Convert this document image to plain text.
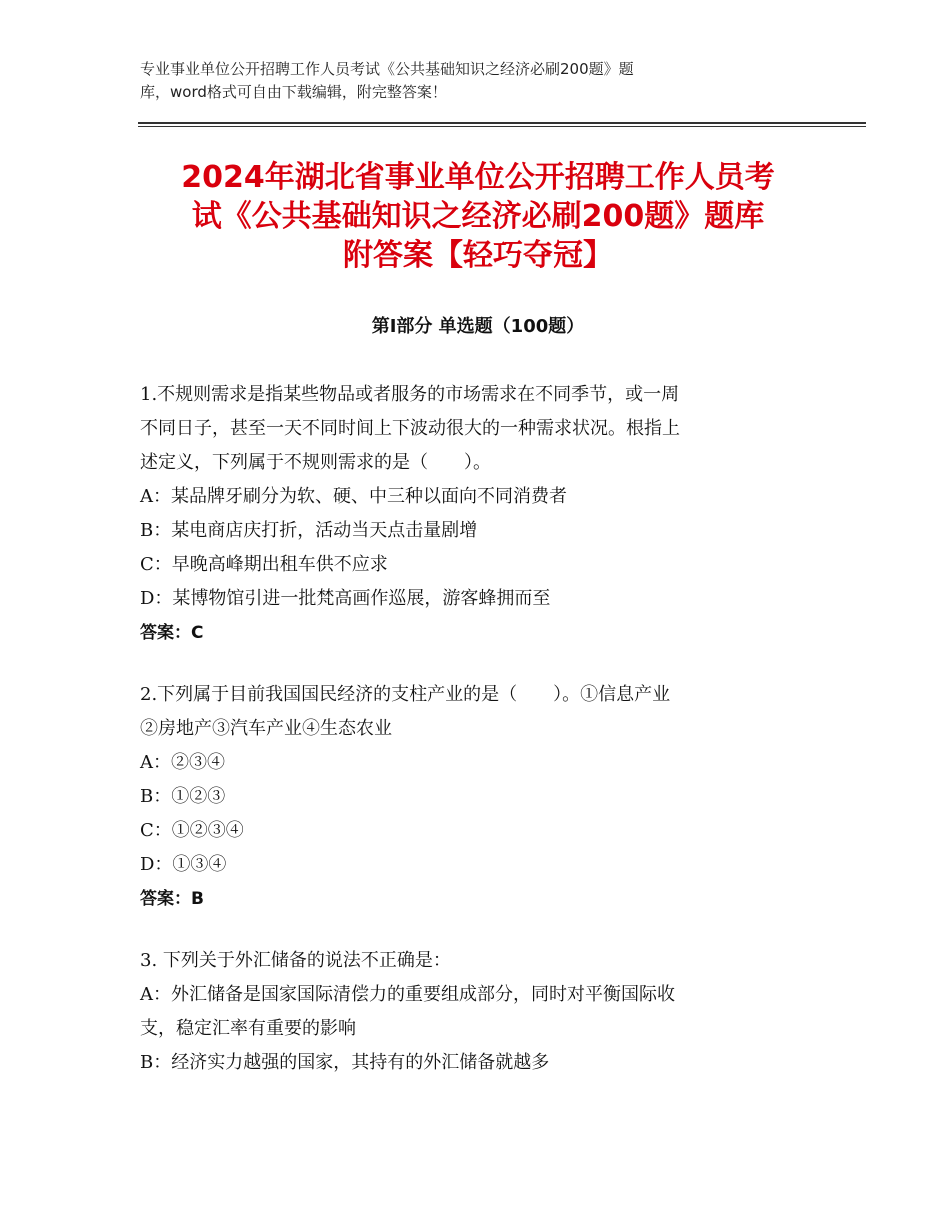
专业事业单位公开招聘工作人员考试《公共基础知识之经济必刷200题》题
库，word格式可自由下载编辑，附完整答案！
2024年湖北省事业单位公开招聘工作人员考
试《公共基础知识之经济必刷200题》题库
附答案【轻巧夺冠】
第Ⅰ部分 单选题（100题）

1.不规则需求是指某些物品或者服务的市场需求在不同季节，或一周

不同日子，甚至一天不同时间上下波动很大的一种需求状况。根指上

述定义，下列属于不规则需求的是（　　）。

A：某品牌牙刷分为软、硬、中三种以面向不同消费者

B：某电商店庆打折，活动当天点击量剧增

C：早晚高峰期出租车供不应求

D：某博物馆引进一批梵高画作巡展，游客蜂拥而至

答案：C

2.下列属于目前我国国民经济的支柱产业的是（　　）。①信息产业

②房地产③汽车产业④生态农业

A：②③④

B：①②③

C：①②③④

D：①③④

答案：B

3. 下列关于外汇储备的说法不正确是：

A：外汇储备是国家国际清偿力的重要组成部分，同时对平衡国际收

支，稳定汇率有重要的影响

B：经济实力越强的国家，其持有的外汇储备就越多
